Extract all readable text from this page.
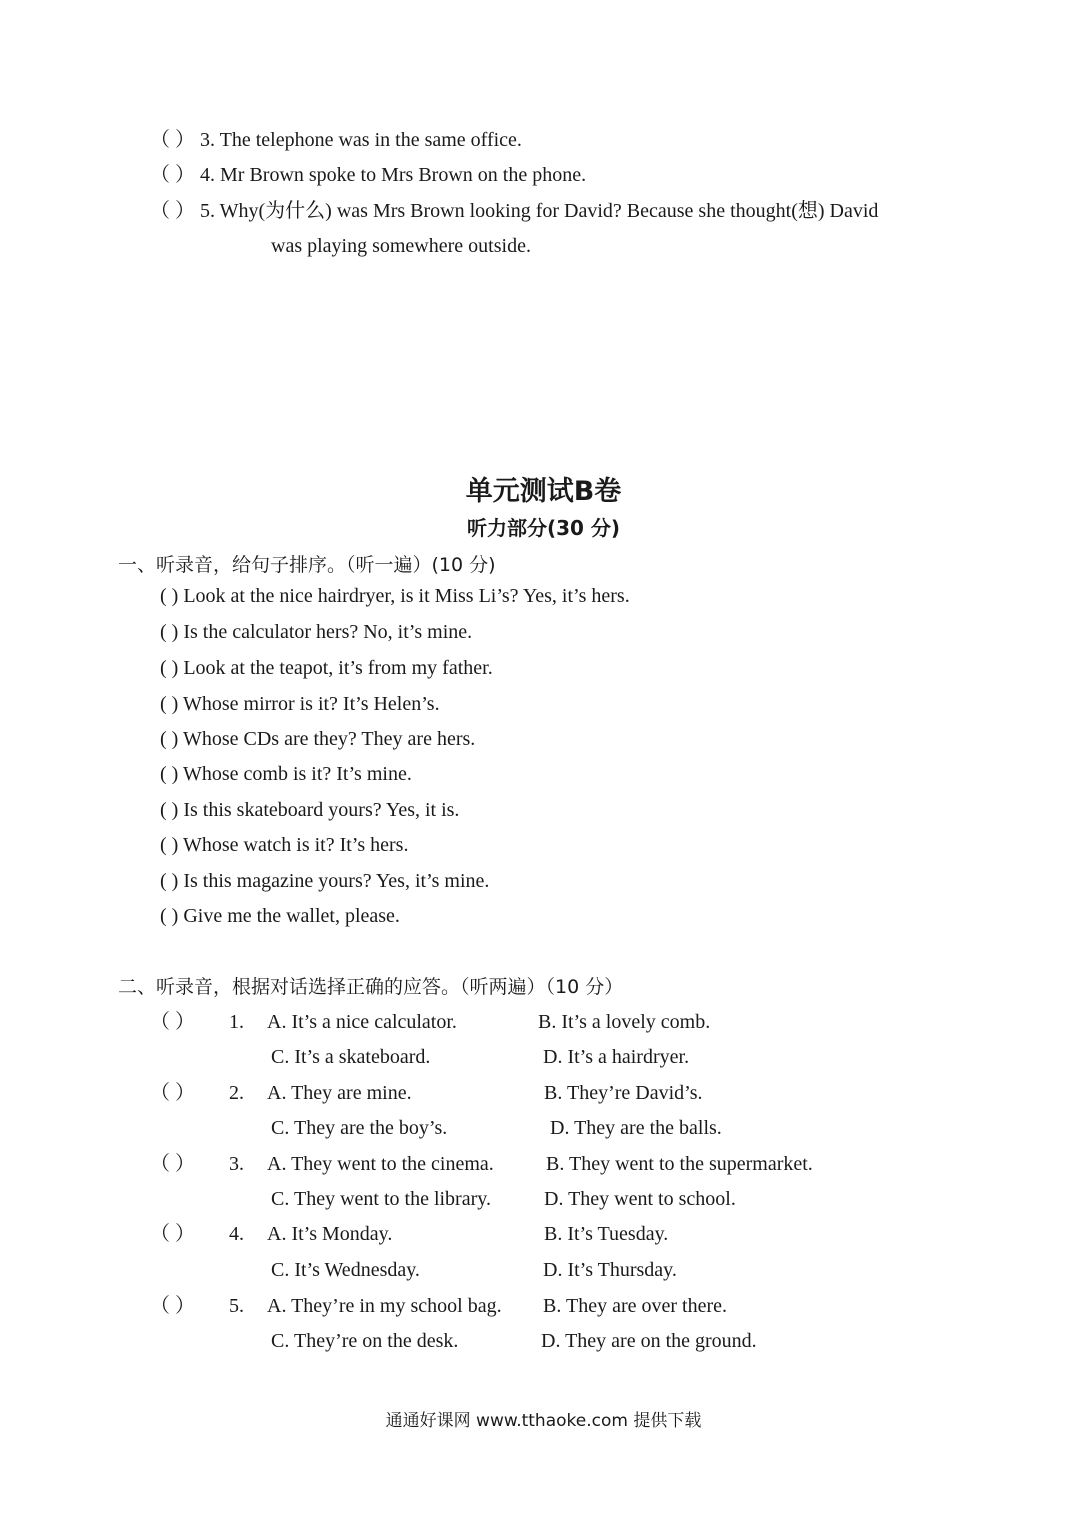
（ ） 3. The telephone was in the same office.
（ ） 4. Mr Brown spoke to Mrs Brown on the phone.
（ ） 5. Why(为什么) was Mrs Brown looking for David? Because she thought(想) David
was playing somewhere outside.
单元测试B卷
听力部分(30 分)
一、听录音，给句子排序。（听一遍）(10 分)
( ) Look at the nice hairdryer, is it Miss Li’s? Yes, it’s hers.
( ) Is the calculator hers? No, it’s mine.
( ) Look at the teapot, it’s from my father.
( ) Whose mirror is it? It’s Helen’s.
( ) Whose CDs are they? They are hers.
( ) Whose comb is it? It’s mine.
( ) Is this skateboard yours? Yes, it is.
( ) Whose watch is it? It’s hers.
( ) Is this magazine yours? Yes, it’s mine.
( ) Give me the wallet, please.
二、听录音，根据对话选择正确的应答。（听两遍）（10 分）
（ ） 1. A. It’s a nice calculator.	B. It’s a lovely comb.
C. It’s a skateboard.	D. It’s a hairdryer.
（ ） 2. A. They are mine.	B. They’re David’s.
C. They are the boy’s.	D. They are the balls.
（ ） 3. A. They went to the cinema.	B. They went to the supermarket.
C. They went to the library.	D. They went to school.
（ ） 4. A. It’s Monday.	B. It’s Tuesday.
C. It’s Wednesday.	D. It’s Thursday.
（ ） 5. A. They’re in my school bag. B. They are over there.
C. They’re on the desk.	D. They are on the ground.
通通好课网 www.tthaoke.com 提供下载
